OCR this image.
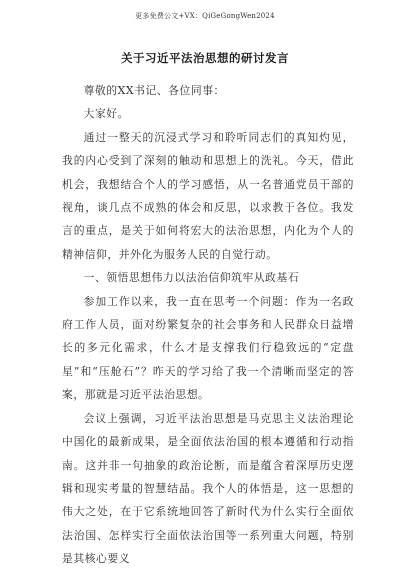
更多免费公文+VX：QiGeGongWen2024
关于习近平法治思想的研讨发言

尊敬的XX书记、各位同事：

大家好。

通过一整天的沉浸式学习和聆听同志们的真知灼见，我的内心受到了深刻的触动和思想上的洗礼。今天，借此机会，我想结合个人的学习感悟，从一名普通党员干部的视角，谈几点不成熟的体会和反思，以求教于各位。我发言的重点，是关于如何将宏大的法治思想，内化为个人的精神信仰，并外化为服务人民的自觉行动。

一、领悟思想伟力以法治信仰筑牢从政基石

参加工作以来，我一直在思考一个问题：作为一名政府工作人员，面对纷繁复杂的社会事务和人民群众日益增长的多元化需求，什么才是支撑我们行稳致远的“定盘星”和“压舱石”？昨天的学习给了我一个清晰而坚定的答案，那就是习近平法治思想。

会议上强调，习近平法治思想是马克思主义法治理论中国化的最新成果，是全面依法治国的根本遵循和行动指南。这并非一句抽象的政治论断，而是蕴含着深厚历史逻辑和现实考量的智慧结晶。我个人的体悟是，这一思想的伟大之处，在于它系统地回答了新时代为什么实行全面依法治国、怎样实行全面依法治国等一系列重大问题，特别是其核心要义
